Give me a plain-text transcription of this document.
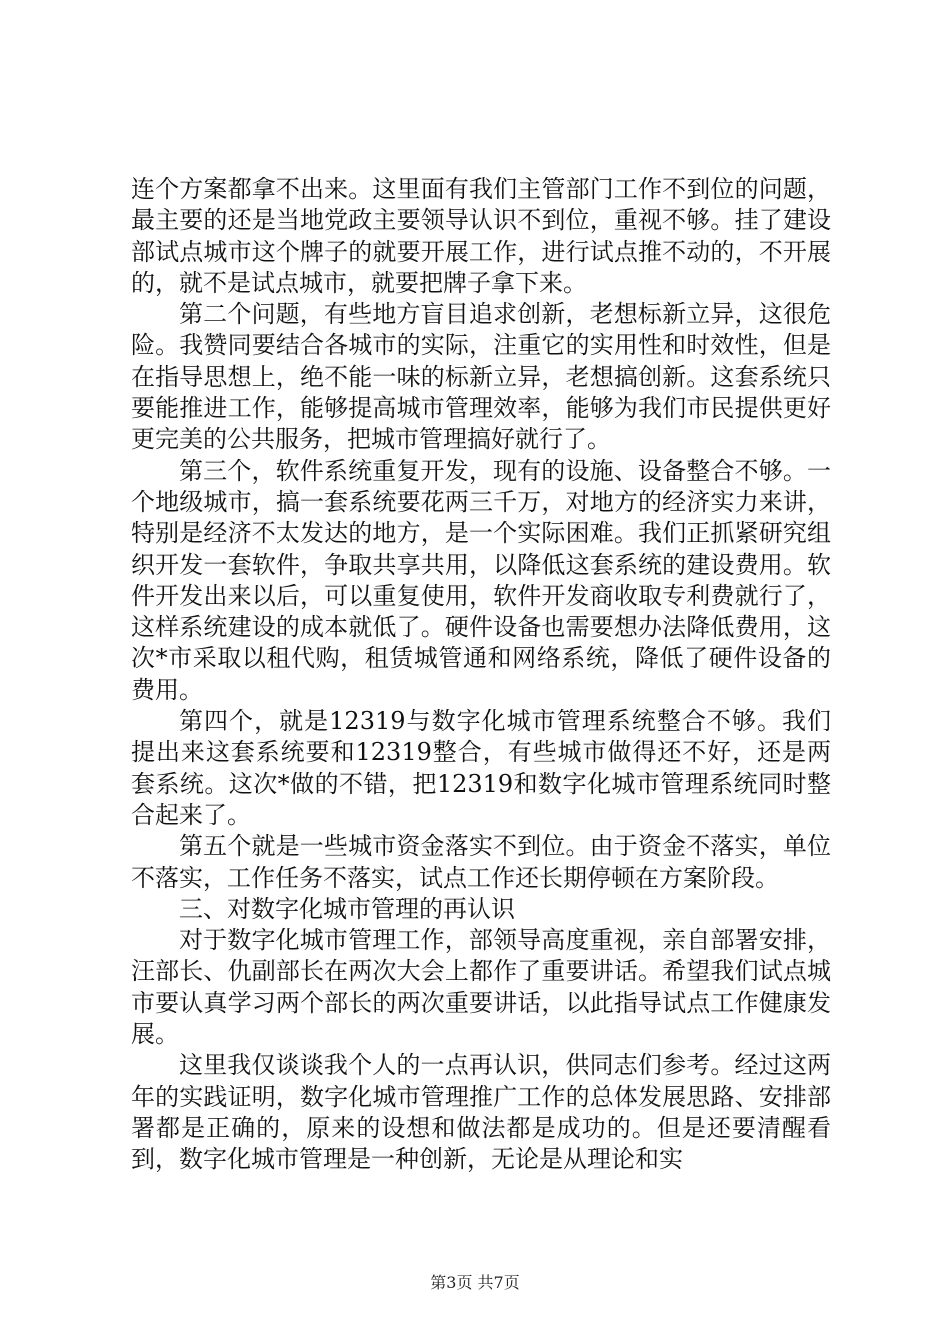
连个方案都拿不出来。这里面有我们主管部门工作不到位的问题，最主要的还是当地党政主要领导认识不到位，重视不够。挂了建设部试点城市这个牌子的就要开展工作，进行试点推不动的，不开展的，就不是试点城市，就要把牌子拿下来。

第二个问题，有些地方盲目追求创新，老想标新立异，这很危险。我赞同要结合各城市的实际，注重它的实用性和时效性，但是在指导思想上，绝不能一味的标新立异，老想搞创新。这套系统只要能推进工作，能够提高城市管理效率，能够为我们市民提供更好更完美的公共服务，把城市管理搞好就行了。

第三个，软件系统重复开发，现有的设施、设备整合不够。一个地级城市，搞一套系统要花两三千万，对地方的经济实力来讲，特别是经济不太发达的地方，是一个实际困难。我们正抓紧研究组织开发一套软件，争取共享共用，以降低这套系统的建设费用。软件开发出来以后，可以重复使用，软件开发商收取专利费就行了，这样系统建设的成本就低了。硬件设备也需要想办法降低费用，这次*市采取以租代购，租赁城管通和网络系统，降低了硬件设备的费用。

第四个，就是12319与数字化城市管理系统整合不够。我们提出来这套系统要和12319整合，有些城市做得还不好，还是两套系统。这次*做的不错，把12319和数字化城市管理系统同时整合起来了。

第五个就是一些城市资金落实不到位。由于资金不落实，单位不落实，工作任务不落实，试点工作还长期停顿在方案阶段。

三、对数字化城市管理的再认识

对于数字化城市管理工作，部领导高度重视，亲自部署安排，汪部长、仇副部长在两次大会上都作了重要讲话。希望我们试点城市要认真学习两个部长的两次重要讲话，以此指导试点工作健康发展。

这里我仅谈谈我个人的一点再认识，供同志们参考。经过这两年的实践证明，数字化城市管理推广工作的总体发展思路、安排部署都是正确的，原来的设想和做法都是成功的。但是还要清醒看到，数字化城市管理是一种创新，无论是从理论和实

第3页 共7页
